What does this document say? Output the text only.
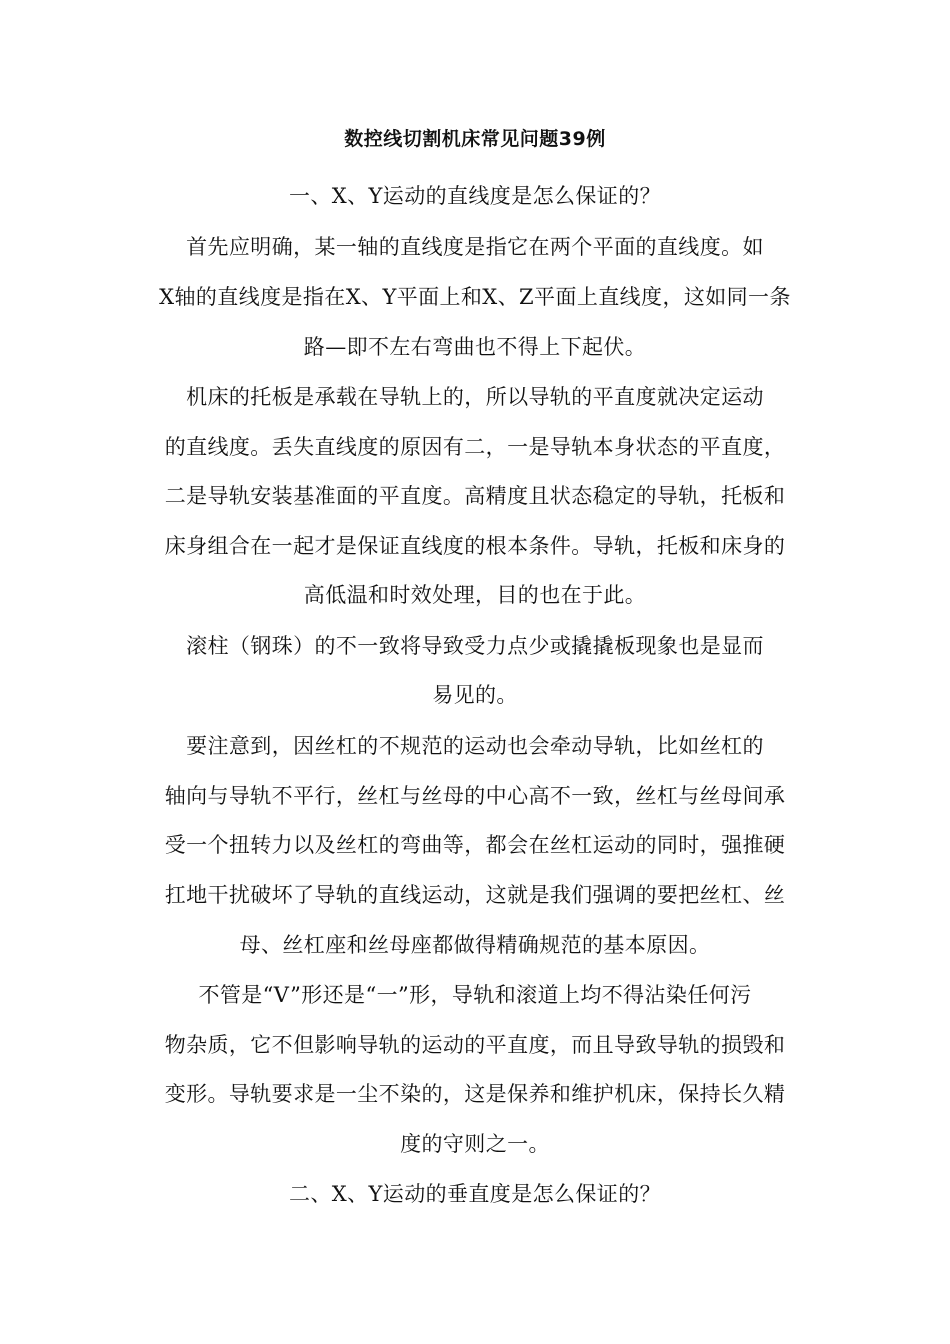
数控线切割机床常见问题39例
一、X、Y运动的直线度是怎么保证的？
首先应明确，某一轴的直线度是指它在两个平面的直线度。如
X轴的直线度是指在X、Y平面上和X、Z平面上直线度，这如同一条
路—即不左右弯曲也不得上下起伏。
机床的托板是承载在导轨上的，所以导轨的平直度就决定运动
的直线度。丢失直线度的原因有二，一是导轨本身状态的平直度，
二是导轨安装基准面的平直度。高精度且状态稳定的导轨，托板和
床身组合在一起才是保证直线度的根本条件。导轨，托板和床身的
高低温和时效处理，目的也在于此。
滚柱（钢珠）的不一致将导致受力点少或撬撬板现象也是显而
易见的。
要注意到，因丝杠的不规范的运动也会牵动导轨，比如丝杠的
轴向与导轨不平行，丝杠与丝母的中心高不一致，丝杠与丝母间承
受一个扭转力以及丝杠的弯曲等，都会在丝杠运动的同时，强推硬
扛地干扰破坏了导轨的直线运动，这就是我们强调的要把丝杠、丝
母、丝杠座和丝母座都做得精确规范的基本原因。
不管是“V”形还是“一”形，导轨和滚道上均不得沾染任何污
物杂质，它不但影响导轨的运动的平直度，而且导致导轨的损毁和
变形。导轨要求是一尘不染的，这是保养和维护机床，保持长久精
度的守则之一。
二、X、Y运动的垂直度是怎么保证的？
